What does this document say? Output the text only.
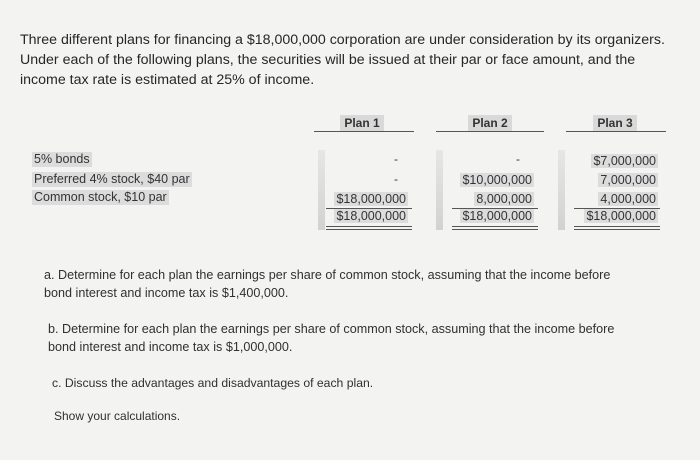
Three different plans for financing a $18,000,000 corporation are under consideration by its organizers.
Under each of the following plans, the securities will be issued at their par or face amount, and the
income tax rate is estimated at 25% of income.
Plan 1	Plan 2	Plan 3
5% bonds
Preferred 4% stock, $40 par
Common stock, $10 par
-
-
$18,000,000
$18,000,000
-
$10,000,000
8,000,000
$18,000,000
$7,000,000
7,000,000
4,000,000
$18,000,000
a. Determine for each plan the earnings per share of common stock, assuming that the income before
bond interest and income tax is $1,400,000.
b. Determine for each plan the earnings per share of common stock, assuming that the income before
bond interest and income tax is $1,000,000.
c. Discuss the advantages and disadvantages of each plan.
Show your calculations.
